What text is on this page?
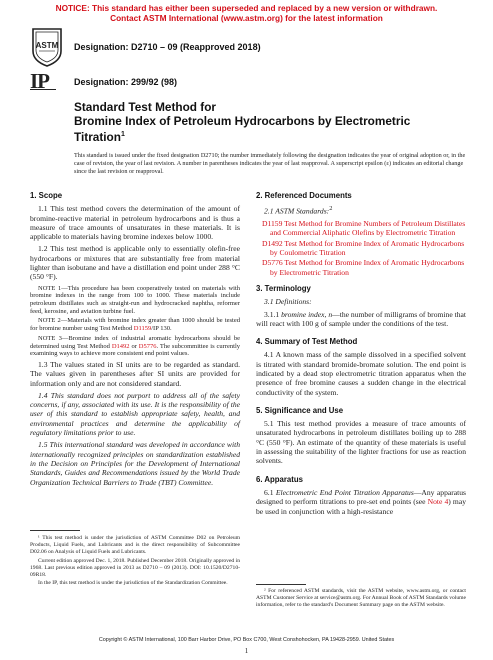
NOTICE: This standard has either been superseded and replaced by a new version or withdrawn.
Contact ASTM International (www.astm.org) for the latest information
ASTM
IP
Designation: D2710 – 09 (Reapproved 2018)
Designation: 299/92 (98)
Standard Test Method for
Bromine Index of Petroleum Hydrocarbons by Electrometric
Titration$^1$
This standard is issued under the fixed designation D2710; the number immediately following the designation indicates the year of original adoption or, in the case of revision, the year of last revision. A number in parentheses indicates the year of last reapproval. A superscript epsilon (ε) indicates an editorial change since the last revision or reapproval.
1. Scope
1.1 This test method covers the determination of the amount of bromine-reactive material in petroleum hydrocarbons and is thus a measure of trace amounts of unsaturates in these materials. It is applicable to materials having bromine indexes below 1000.
1.2 This test method is applicable only to essentially olefin-free hydrocarbons or mixtures that are substantially free from material lighter than isobutane and have a distillation end point under 288 °C (550 °F).
NOTE 1—This procedure has been cooperatively tested on materials with bromine indexes in the range from 100 to 1000. These materials include petroleum distillates such as straight-run and hydrocracked naphtha, reformer feed, kerosine, and aviation turbine fuel.
NOTE 2—Materials with bromine index greater than 1000 should be tested for bromine number using Test Method D1159/IP 130.
NOTE 3—Bromine index of industrial aromatic hydrocarbons should be determined using Test Method D1492 or D5776. The subcommittee is currently examining ways to achieve more consistent end point values.
1.3 The values stated in SI units are to be regarded as standard. The values given in parentheses after SI units are provided for information only and are not considered standard.
1.4 This standard does not purport to address all of the safety concerns, if any, associated with its use. It is the responsibility of the user of this standard to establish appropriate safety, health, and environmental practices and determine the applicability of regulatory limitations prior to use.
1.5 This international standard was developed in accordance with internationally recognized principles on standardization established in the Decision on Principles for the Development of International Standards, Guides and Recommendations issued by the World Trade Organization Technical Barriers to Trade (TBT) Committee.
2. Referenced Documents
2.1 ASTM Standards:$^2$
D1159 Test Method for Bromine Numbers of Petroleum Distillates and Commercial Aliphatic Olefins by Electrometric Titration
D1492 Test Method for Bromine Index of Aromatic Hydrocarbons by Coulometric Titration
D5776 Test Method for Bromine Index of Aromatic Hydrocarbons by Electrometric Titration
3. Terminology
3.1 Definitions:
3.1.1 bromine index, n—the number of milligrams of bromine that will react with 100 g of sample under the conditions of the test.
4. Summary of Test Method
4.1 A known mass of the sample dissolved in a specified solvent is titrated with standard bromide-bromate solution. The end point is indicated by a dead stop electrometric titration apparatus when the presence of free bromine causes a sudden change in the electrical conductivity of the system.
5. Significance and Use
5.1 This test method provides a measure of trace amounts of unsaturated hydrocarbons in petroleum distillates boiling up to 288 °C (550 °F). An estimate of the quantity of these materials is useful in assessing the suitability of the lighter fractions for use as reaction solvents.
6. Apparatus
6.1 Electrometric End Point Titration Apparatus—Any apparatus designed to perform titrations to pre-set end points (see Note 4) may be used in conjunction with a high-resistance
¹ This test method is under the jurisdiction of ASTM Committee D02 on Petroleum Products, Liquid Fuels, and Lubricants and is the direct responsibility of Subcommittee D02.06 on Analysis of Liquid Fuels and Lubricants.
Current edition approved Dec. 1, 2018. Published December 2018. Originally approved in 1968. Last previous edition approved in 2013 as D2710 – 09 (2013). DOI: 10.1520/D2710-09R18.
In the IP, this test method is under the jurisdiction of the Standardization Committee.
² For referenced ASTM standards, visit the ASTM website, www.astm.org, or contact ASTM Customer Service at service@astm.org. For Annual Book of ASTM Standards volume information, refer to the standard's Document Summary page on the ASTM website.
Copyright © ASTM International, 100 Barr Harbor Drive, PO Box C700, West Conshohocken, PA 19428-2959. United States
1
